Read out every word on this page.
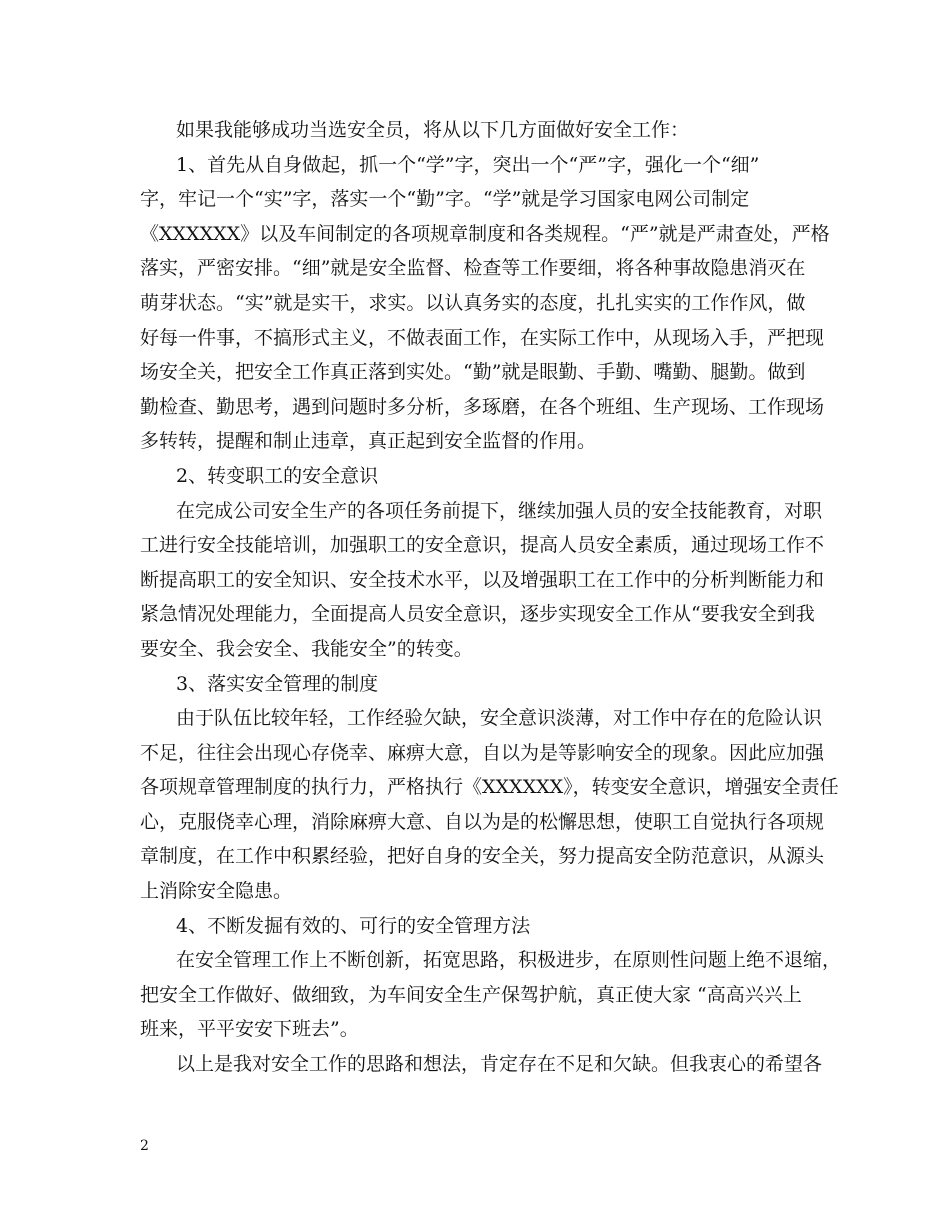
如果我能够成功当选安全员，将从以下几方面做好安全工作：
1、首先从自身做起，抓一个“学”字，突出一个“严”字，强化一个“细”
字，牢记一个“实”字，落实一个“勤”字。“学”就是学习国家电网公司制定
《XXXXXX》以及车间制定的各项规章制度和各类规程。“严”就是严肃查处，严格
落实，严密安排。“细”就是安全监督、检查等工作要细，将各种事故隐患消灭在
萌芽状态。“实”就是实干，求实。以认真务实的态度，扎扎实实的工作作风，做
好每一件事，不搞形式主义，不做表面工作，在实际工作中，从现场入手，严把现
场安全关，把安全工作真正落到实处。“勤”就是眼勤、手勤、嘴勤、腿勤。做到
勤检查、勤思考，遇到问题时多分析，多琢磨，在各个班组、生产现场、工作现场
多转转，提醒和制止违章，真正起到安全监督的作用。
2、转变职工的安全意识
在完成公司安全生产的各项任务前提下，继续加强人员的安全技能教育，对职
工进行安全技能培训，加强职工的安全意识，提高人员安全素质，通过现场工作不
断提高职工的安全知识、安全技术水平，以及增强职工在工作中的分析判断能力和
紧急情况处理能力，全面提高人员安全意识，逐步实现安全工作从“要我安全到我
要安全、我会安全、我能安全”的转变。
3、落实安全管理的制度
由于队伍比较年轻，工作经验欠缺，安全意识淡薄，对工作中存在的危险认识
不足，往往会出现心存侥幸、麻痹大意，自以为是等影响安全的现象。因此应加强
各项规章管理制度的执行力，严格执行《XXXXXX》，转变安全意识，增强安全责任
心，克服侥幸心理，消除麻痹大意、自以为是的松懈思想，使职工自觉执行各项规
章制度，在工作中积累经验，把好自身的安全关，努力提高安全防范意识，从源头
上消除安全隐患。
4、不断发掘有效的、可行的安全管理方法
在安全管理工作上不断创新，拓宽思路，积极进步，在原则性问题上绝不退缩，
把安全工作做好、做细致，为车间安全生产保驾护航，真正使大家 “高高兴兴上
班来，平平安安下班去”。
以上是我对安全工作的思路和想法，肯定存在不足和欠缺。但我衷心的希望各
2
